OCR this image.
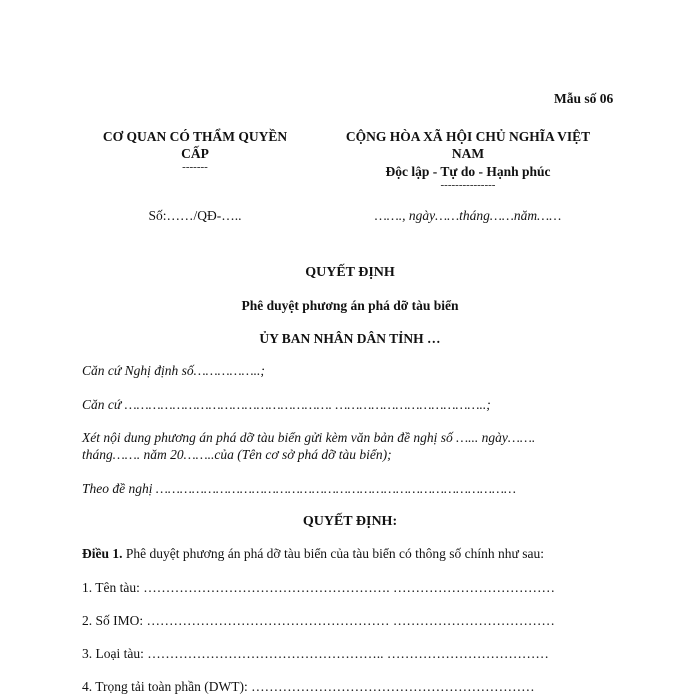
Mẫu số 06
CƠ QUAN CÓ THẨM QUYỀN
CẤP
-------
Số:……/QĐ-…..
CỘNG HÒA XÃ HỘI CHỦ NGHĨA VIỆT
NAM
Độc lập - Tự do - Hạnh phúc
---------------
……., ngày……tháng……năm……
QUYẾT ĐỊNH
Phê duyệt phương án phá dỡ tàu biển
ỦY BAN NHÂN DÂN TỈNH …
Căn cứ Nghị định số……………..;
Căn cứ ……………………………………………. ………………………………..;
Xét nội dung phương án phá dỡ tàu biển gửi kèm văn bản đề nghị số …... ngày…….
tháng……. năm 20……..của (Tên cơ sở phá dỡ tàu biển);
Theo đề nghị ………………………………………………………………………………
QUYẾT ĐỊNH:
Điều 1. Phê duyệt phương án phá dỡ tàu biển của tàu biển có thông số chính như sau:
1. Tên tàu: ………………………………………………. ………………………………
2. Số IMO: ……………………………………………… ………………………………
3. Loại tàu: …………………………………………….. ………………………………
4. Trọng tải toàn phần (DWT): ………………………………………………………
